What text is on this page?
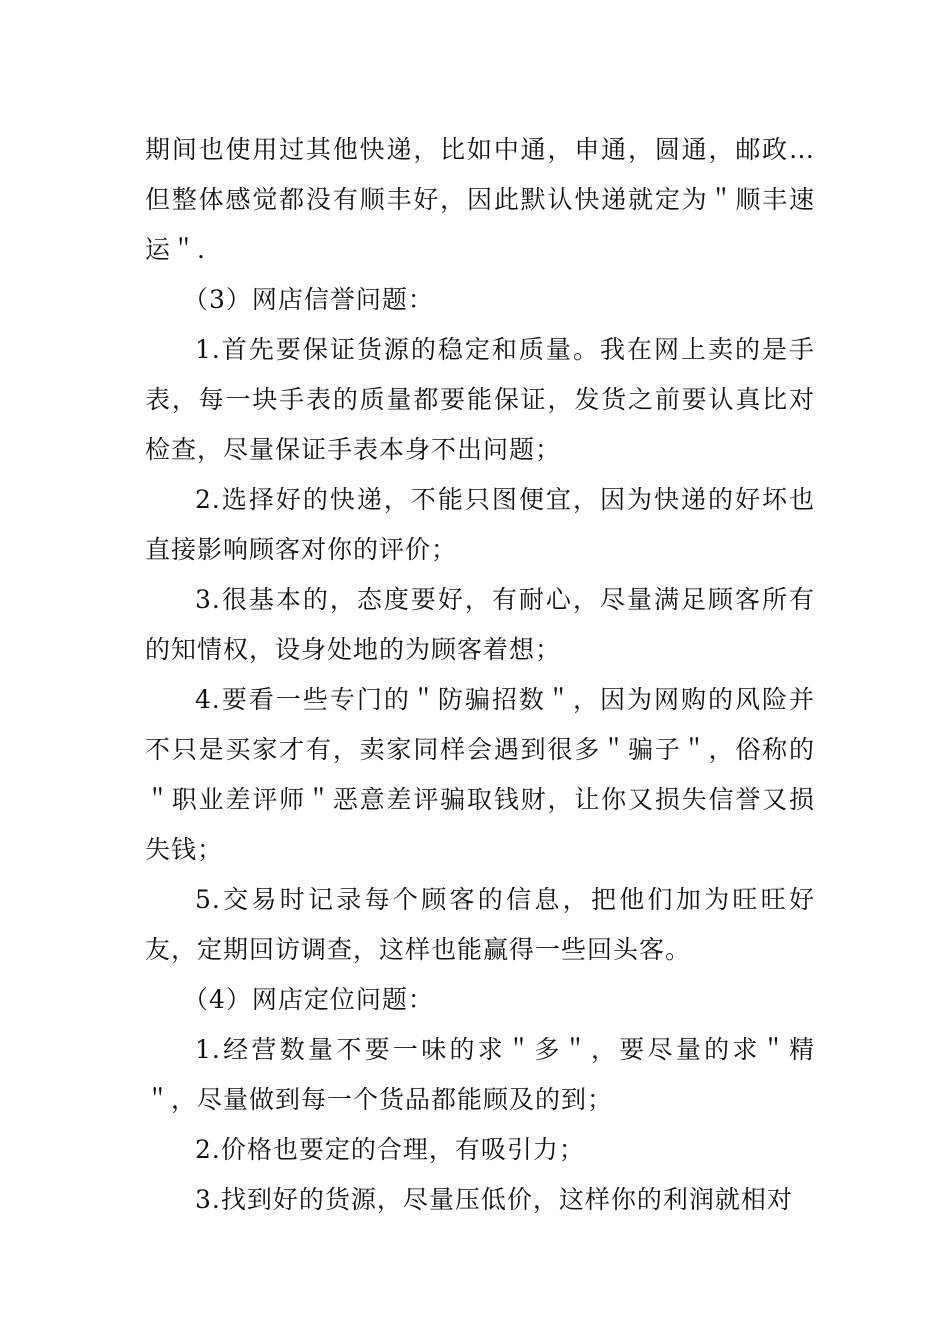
期间也使用过其他快递，比如中通，申通，圆通，邮政…但整体感觉都没有顺丰好，因此默认快递就定为＂顺丰速运＂.

（3）网店信誉问题：

1.首先要保证货源的稳定和质量。我在网上卖的是手表，每一块手表的质量都要能保证，发货之前要认真比对检查，尽量保证手表本身不出问题；

2.选择好的快递，不能只图便宜，因为快递的好坏也直接影响顾客对你的评价；

3.很基本的，态度要好，有耐心，尽量满足顾客所有的知情权，设身处地的为顾客着想；

4.要看一些专门的＂防骗招数＂，因为网购的风险并不只是买家才有，卖家同样会遇到很多＂骗子＂，俗称的＂职业差评师＂恶意差评骗取钱财，让你又损失信誉又损失钱；

5.交易时记录每个顾客的信息，把他们加为旺旺好友，定期回访调查，这样也能赢得一些回头客。

（4）网店定位问题：

1.经营数量不要一味的求＂多＂，要尽量的求＂精＂，尽量做到每一个货品都能顾及的到；

2.价格也要定的合理，有吸引力；

3.找到好的货源，尽量压低价，这样你的利润就相对
